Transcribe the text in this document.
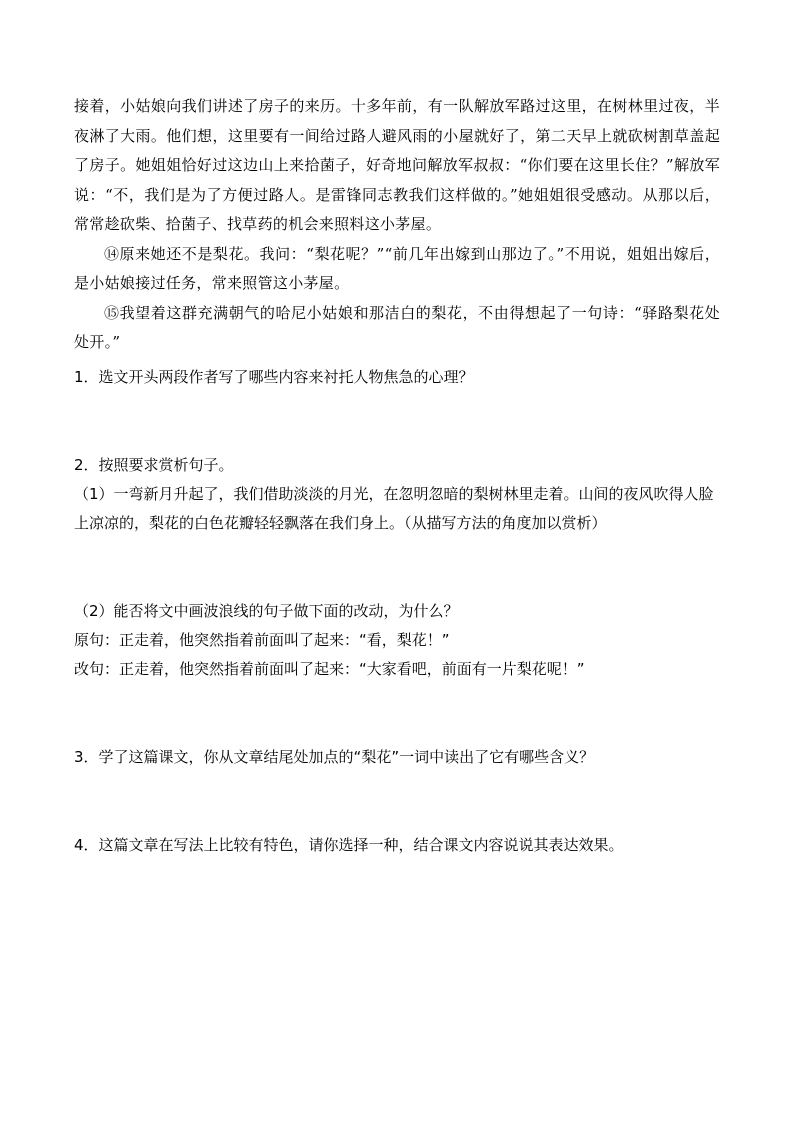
接着，小姑娘向我们讲述了房子的来历。十多年前，有一队解放军路过这里，在树林里过夜，半夜淋了大雨。他们想，这里要有一间给过路人避风雨的小屋就好了，第二天早上就砍树割草盖起了房子。她姐姐恰好过这边山上来拾菌子，好奇地问解放军叔叔：“你们要在这里长住？”解放军说：“不，我们是为了方便过路人。是雷锋同志教我们这样做的。”她姐姐很受感动。从那以后，常常趁砍柴、拾菌子、找草药的机会来照料这小茅屋。

⑭原来她还不是梨花。我问：“梨花呢？”“前几年出嫁到山那边了。”不用说，姐姐出嫁后，是小姑娘接过任务，常来照管这小茅屋。

⑮我望着这群充满朝气的哈尼小姑娘和那洁白的梨花，不由得想起了一句诗：“驿路梨花处处开。”

1．选文开头两段作者写了哪些内容来衬托人物焦急的心理？
2．按照要求赏析句子。

（1）一弯新月升起了，我们借助淡淡的月光，在忽明忽暗的梨树林里走着。山间的夜风吹得人脸上凉凉的，梨花的白色花瓣轻轻飘落在我们身上。（从描写方法的角度加以赏析）

（2）能否将文中画波浪线的句子做下面的改动，为什么？

原句：正走着，他突然指着前面叫了起来：“看，梨花！”

改句：正走着，他突然指着前面叫了起来：“大家看吧，前面有一片梨花呢！”

3．学了这篇课文，你从文章结尾处加点的“梨花”一词中读出了它有哪些含义？
4．这篇文章在写法上比较有特色，请你选择一种，结合课文内容说说其表达效果。
